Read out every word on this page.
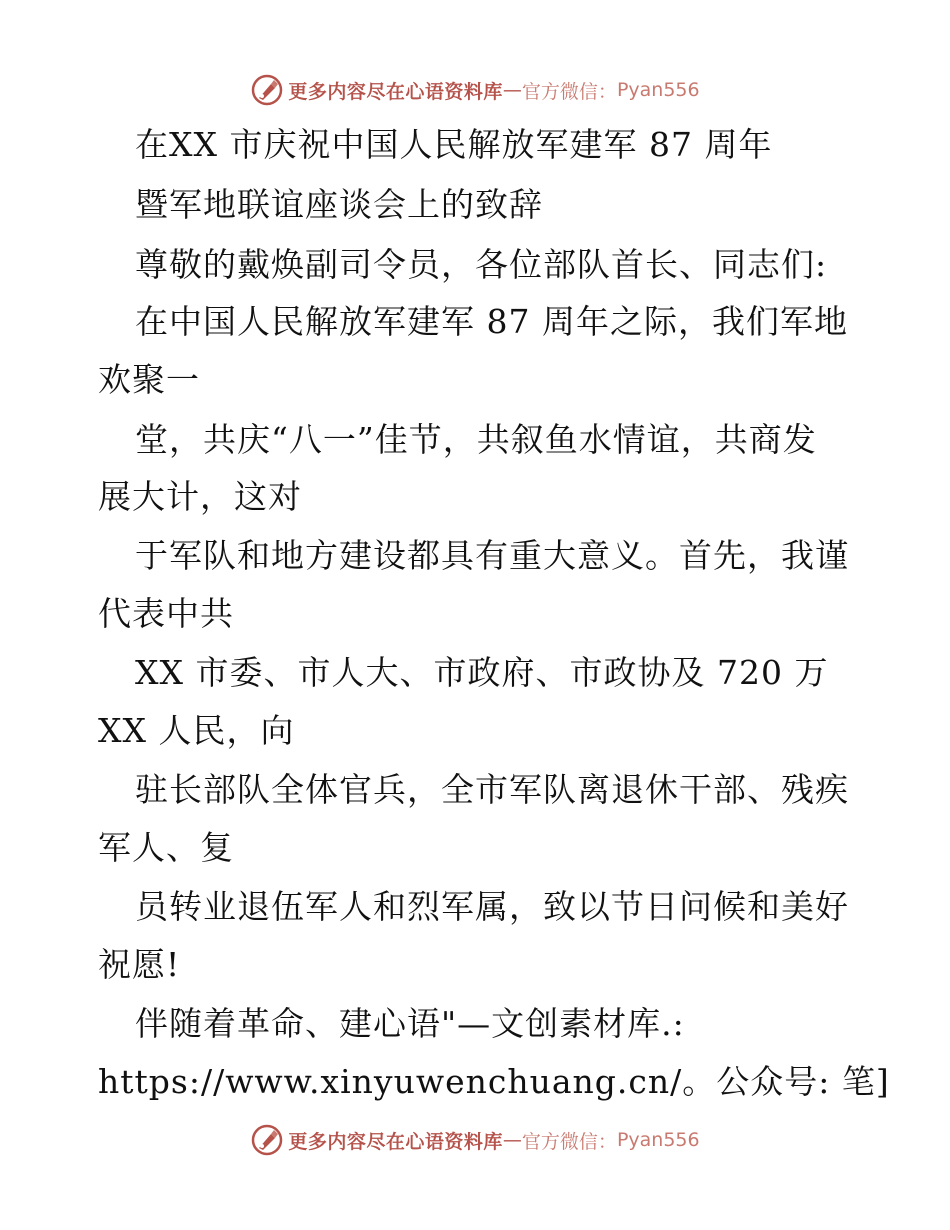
更多内容尽在心语资料库 — 官方微信： Pyan556
在XX 市庆祝中国人民解放军建军 87 周年
暨军地联谊座谈会上的致辞
尊敬的戴焕副司令员，各位部队首长、同志们:
在中国人民解放军建军 87 周年之际，我们军地
欢聚一
堂，共庆“八一”佳节，共叙鱼水情谊，共商发
展大计，这对
于军队和地方建设都具有重大意义。首先，我谨
代表中共
XX 市委、市人大、市政府、市政协及 720 万
XX 人民，向
驻长部队全体官兵，全市军队离退休干部、残疾
军人、复
员转业退伍军人和烈军属，致以节日问候和美好
祝愿!
伴随着革命、建心语"—文创素材库.:
https://www.xinyuwenchuang.cn/。公众号: 笔]
更多内容尽在心语资料库 — 官方微信： Pyan556
